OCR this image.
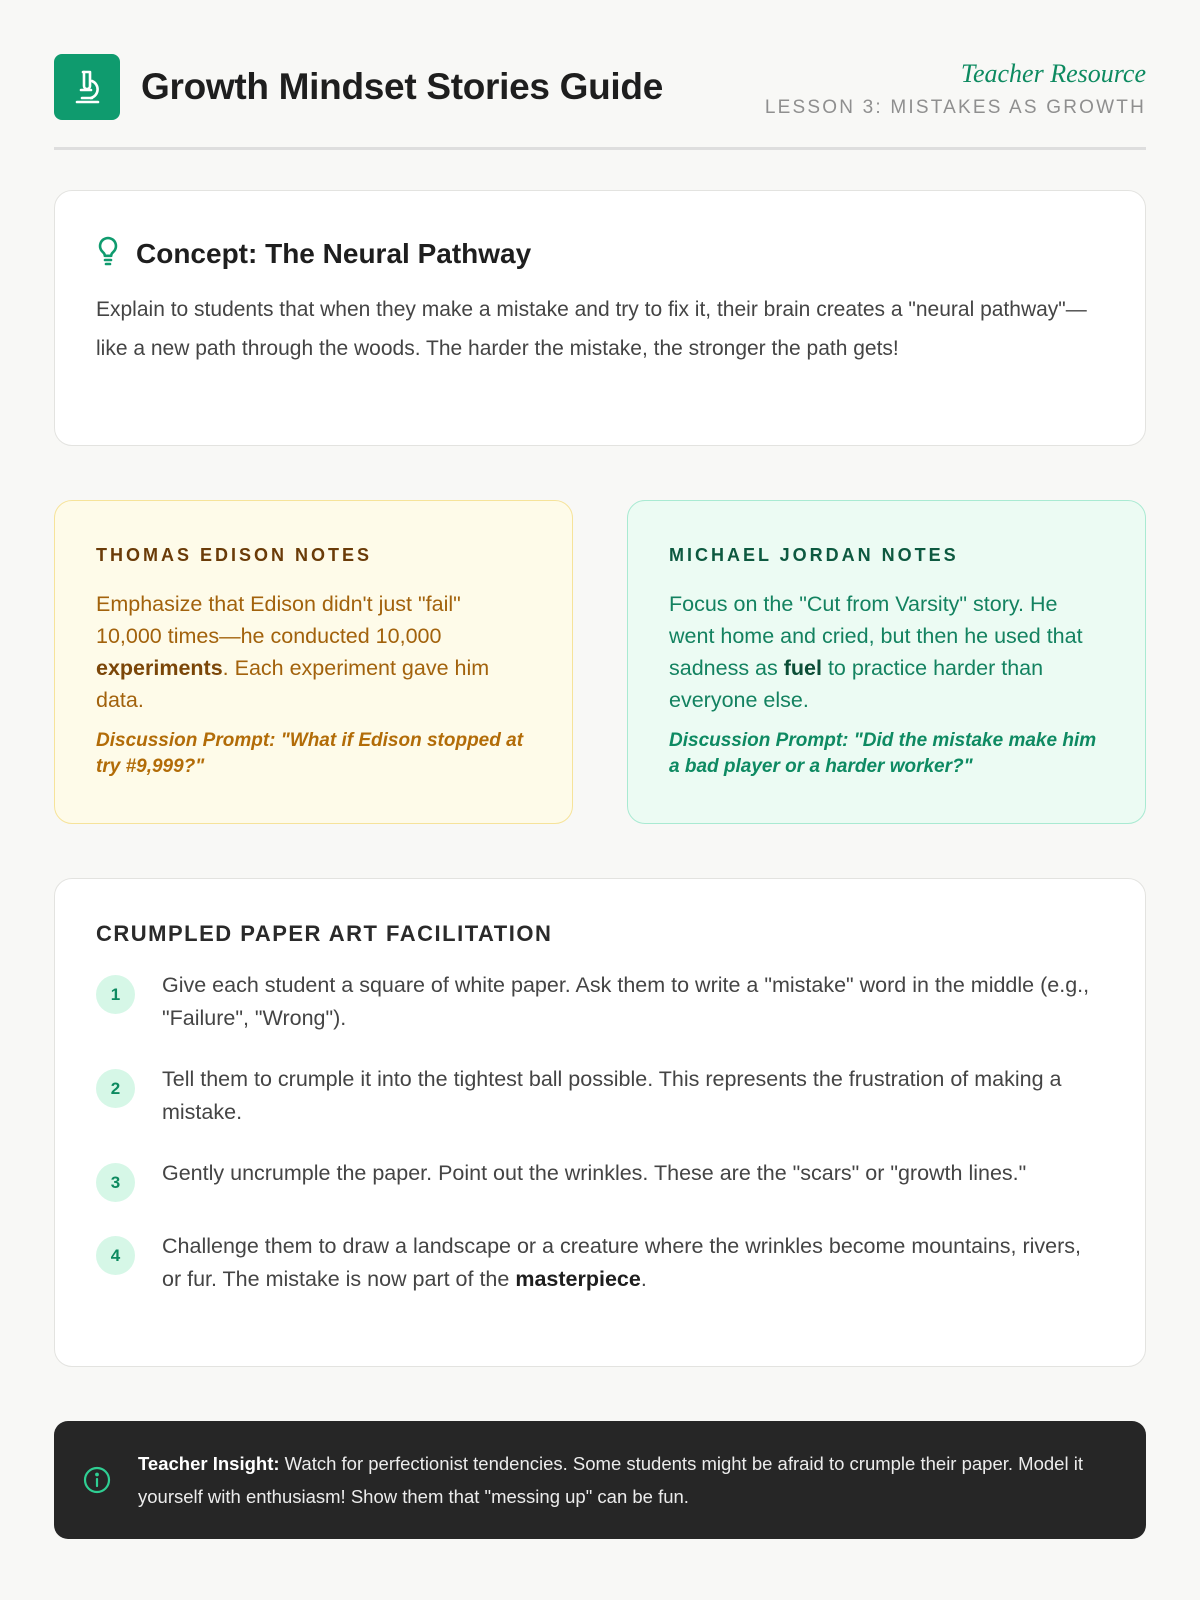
Growth Mindset Stories Guide	Teacher Resource
LESSON 3: MISTAKES AS GROWTH
Concept: The Neural Pathway

Explain to students that when they make a mistake and try to fix it, their brain creates a "neural pathway"—like a new path through the woods. The harder the mistake, the stronger the path gets!

THOMAS EDISON NOTES

Emphasize that Edison didn't just "fail" 10,000 times—he conducted 10,000 experiments. Each experiment gave him data.

Discussion Prompt: "What if Edison stopped at try #9,999?"

MICHAEL JORDAN NOTES

Focus on the "Cut from Varsity" story. He went home and cried, but then he used that sadness as fuel to practice harder than everyone else.

Discussion Prompt: "Did the mistake make him a bad player or a harder worker?"

CRUMPLED PAPER ART FACILITATION
1	Give each student a square of white paper. Ask them to write a "mistake" word in the middle (e.g., "Failure", "Wrong").
2	Tell them to crumple it into the tightest ball possible. This represents the frustration of making a mistake.
3	Gently uncrumple the paper. Point out the wrinkles. These are the "scars" or "growth lines."
4	Challenge them to draw a landscape or a creature where the wrinkles become mountains, rivers, or fur. The mistake is now part of the masterpiece.

Teacher Insight: Watch for perfectionist tendencies. Some students might be afraid to crumple their paper. Model it yourself with enthusiasm! Show them that "messing up" can be fun.
